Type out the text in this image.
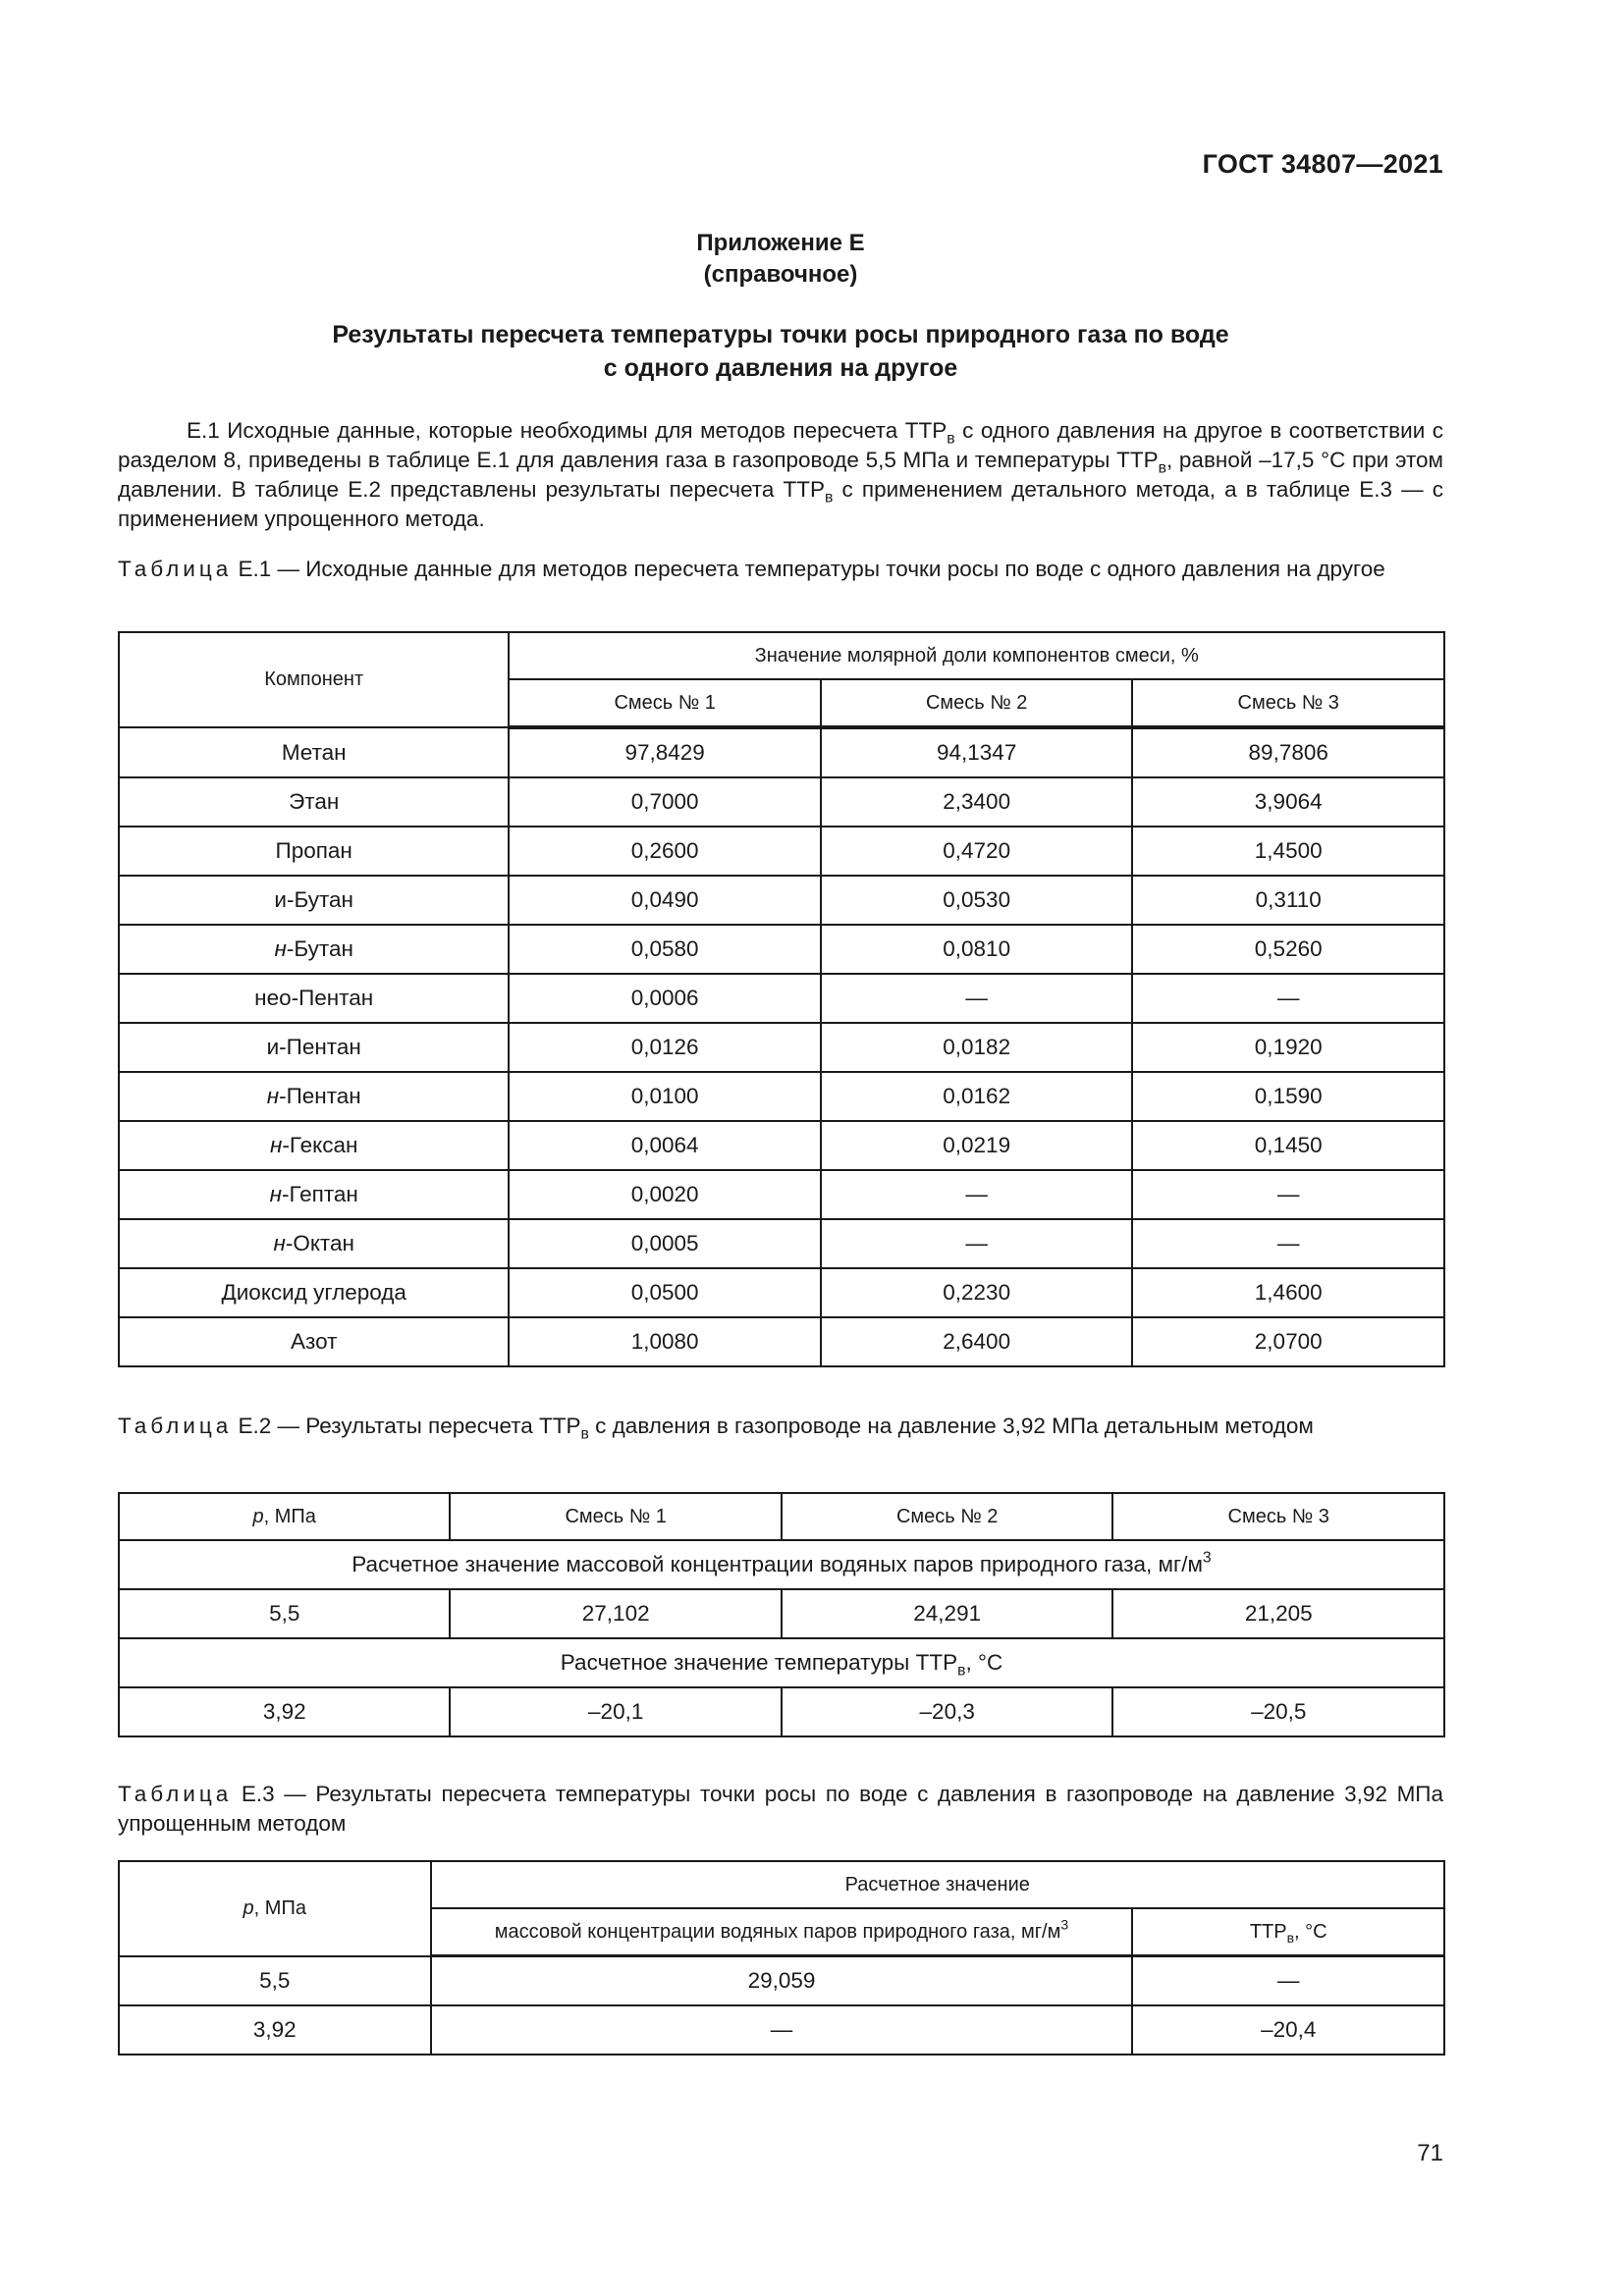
ГОСТ 34807—2021
Приложение Е
(справочное)
Результаты пересчета температуры точки росы природного газа по воде
с одного давления на другое

Е.1 Исходные данные, которые необходимы для методов пересчета $ТТР_в$ с одного давления на другое в соответствии с разделом 8, приведены в таблице Е.1 для давления газа в газопроводе 5,5 МПа и температуры $ТТР_в$, равной –17,5 °С при этом давлении. В таблице Е.2 представлены результаты пересчета $ТТР_в$ с применением детального метода, а в таблице Е.3 — с применением упрощенного метода.

Таблица Е.1 — Исходные данные для методов пересчета температуры точки росы по воде с одного давления на другое
Компонент	Значение молярной доли компонентов смеси, %		
	Смесь № 1	Смесь № 2	Смесь № 3
Метан	97,8429	94,1347	89,7806
Этан	0,7000	2,3400	3,9064
Пропан	0,2600	0,4720	1,4500
и-Бутан	0,0490	0,0530	0,3110
н-Бутан	0,0580	0,0810	0,5260
нео-Пентан	0,0006	—	—
и-Пентан	0,0126	0,0182	0,1920
н-Пентан	0,0100	0,0162	0,1590
н-Гексан	0,0064	0,0219	0,1450
н-Гептан	0,0020	—	—
н-Октан	0,0005	—	—
Диоксид углерода	0,0500	0,2230	1,4600
Азот	1,0080	2,6400	2,0700
Таблица Е.2 — Результаты пересчета $ТТР_в$ с давления в газопроводе на давление 3,92 МПа детальным методом
p, МПа	Смесь № 1	Смесь № 2	Смесь № 3
Расчетное значение массовой концентрации водяных паров природного газа, $мг/м^3$
5,5	27,102	24,291	21,205
Расчетное значение температуры $ТТР_в$, °С			
3,92	–20,1	–20,3	–20,5
Таблица Е.3 — Результаты пересчета температуры точки росы по воде с давления в газопроводе на давление 3,92 МПа упрощенным методом
p, МПа	Расчетное значение	
	массовой концентрации водяных паров природного газа, $мг/м^3$	$ТТР_в$, °С
5,5	29,059	—
3,92	—	–20,4
71
